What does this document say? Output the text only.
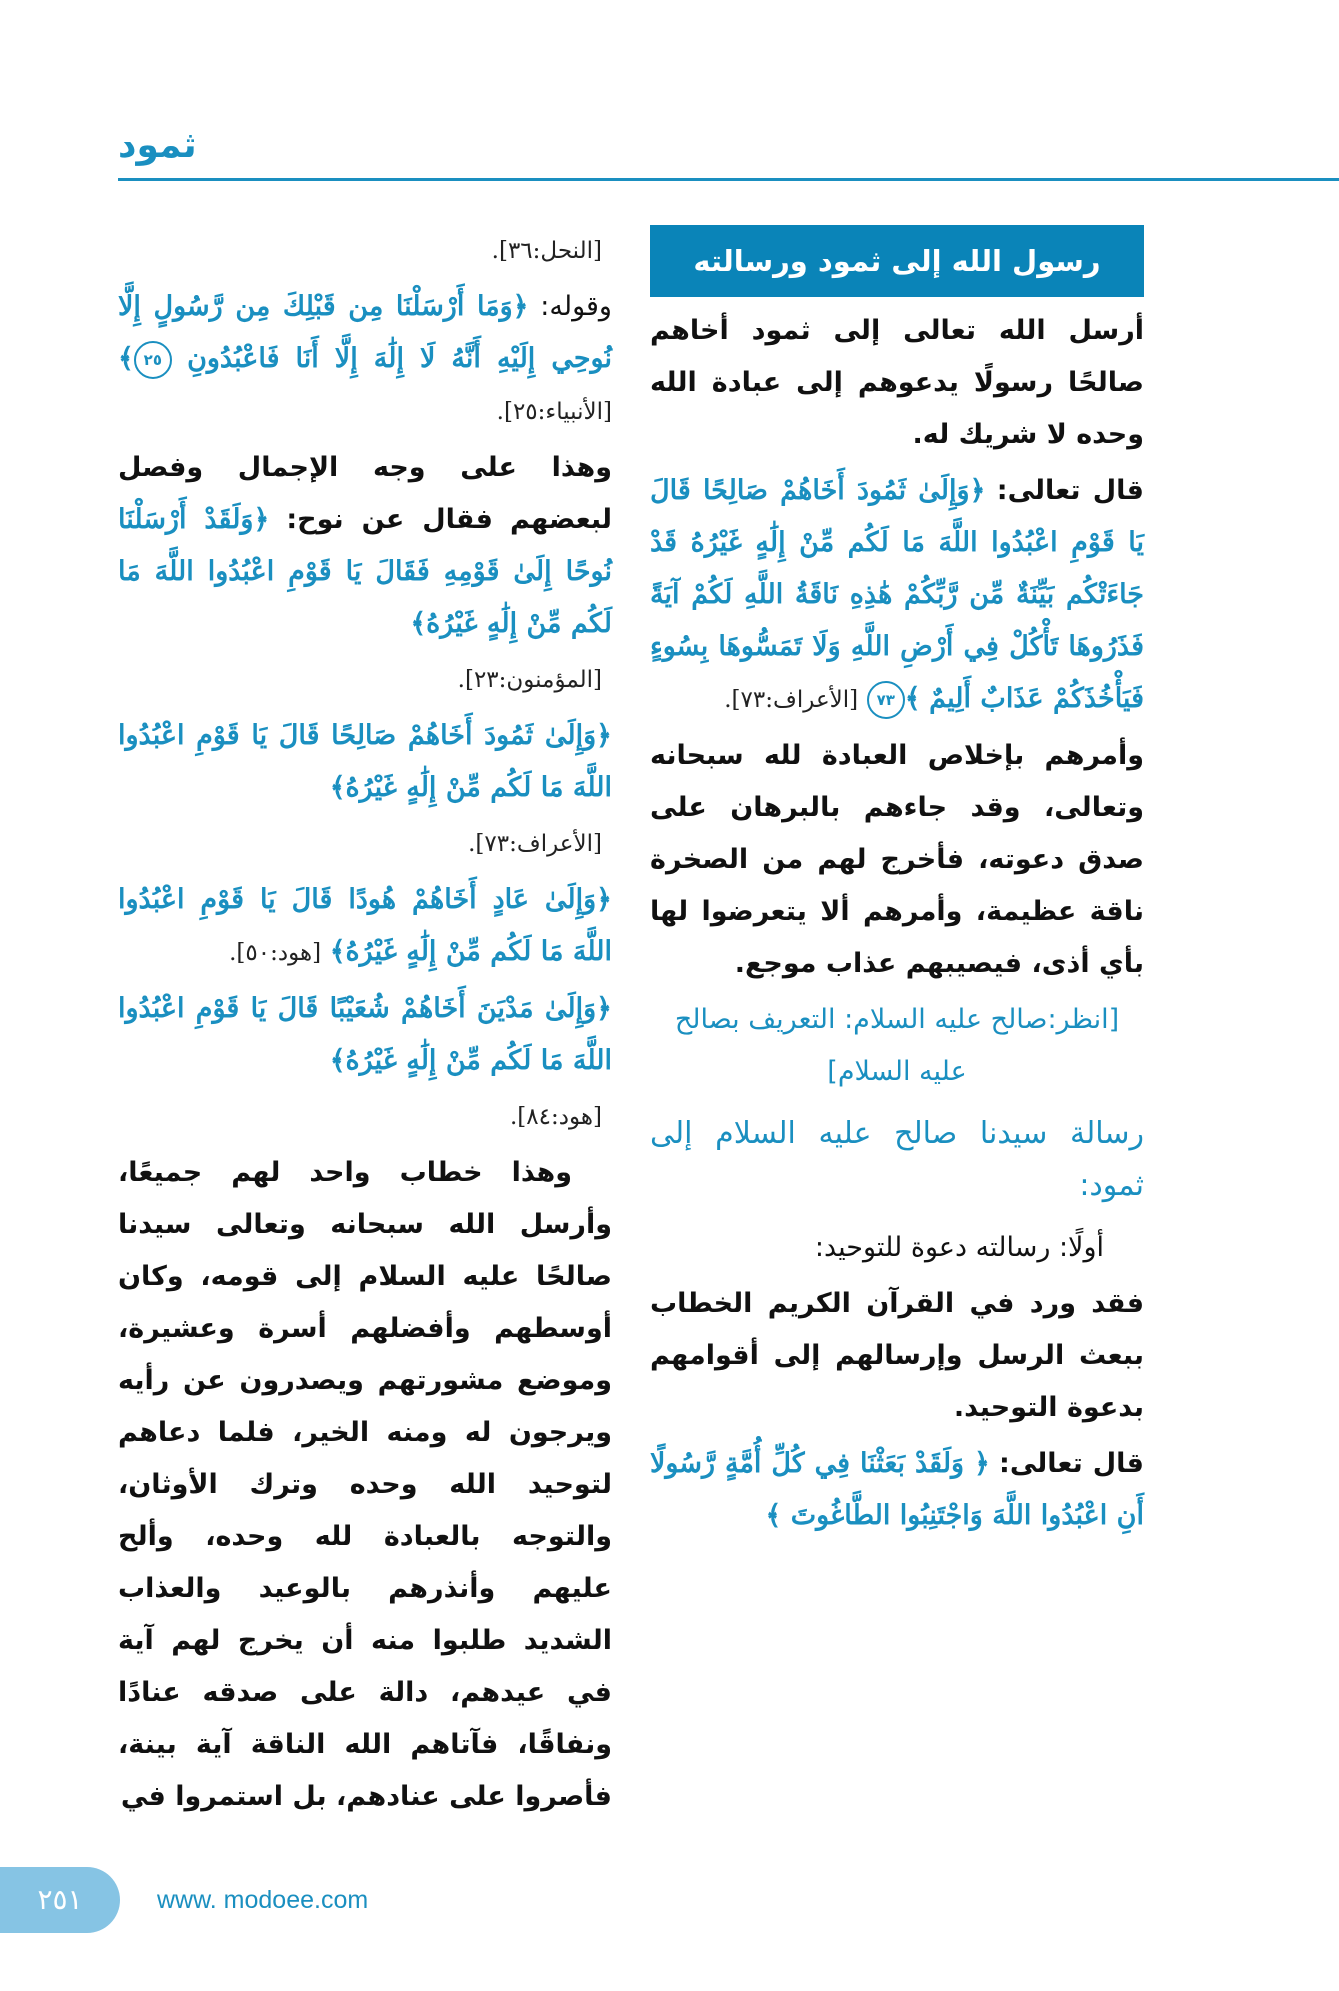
ثمود
رسول الله إلى ثمود ورسالته
أرسل الله تعالى إلى ثمود أخاهم صالحًا رسولًا يدعوهم إلى عبادة الله وحده لا شريك له.
قال تعالى: ﴿وَإِلَىٰ ثَمُودَ أَخَاهُمْ صَالِحًا قَالَ يَا قَوْمِ اعْبُدُوا اللَّهَ مَا لَكُم مِّنْ إِلَٰهٍ غَيْرُهُ قَدْ جَاءَتْكُم بَيِّنَةٌ مِّن رَّبِّكُمْ هَٰذِهِ نَاقَةُ اللَّهِ لَكُمْ آيَةً فَذَرُوهَا تَأْكُلْ فِي أَرْضِ اللَّهِ وَلَا تَمَسُّوهَا بِسُوءٍ فَيَأْخُذَكُمْ عَذَابٌ أَلِيمٌ ﴾٧٣ [الأعراف:٧٣].
وأمرهم بإخلاص العبادة لله سبحانه وتعالى، وقد جاءهم بالبرهان على صدق دعوته، فأخرج لهم من الصخرة ناقة عظيمة، وأمرهم ألا يتعرضوا لها بأي أذى، فيصيبهم عذاب موجع.
[انظر:صالح عليه السلام: التعريف بصالح عليه السلام]
رسالة سيدنا صالح عليه السلام إلى ثمود:
أولًا: رسالته دعوة للتوحيد:
فقد ورد في القرآن الكريم الخطاب ببعث الرسل وإرسالهم إلى أقوامهم بدعوة التوحيد.
قال تعالى: ﴿ وَلَقَدْ بَعَثْنَا فِي كُلِّ أُمَّةٍ رَّسُولًا أَنِ اعْبُدُوا اللَّهَ وَاجْتَنِبُوا الطَّاغُوتَ ﴾
[النحل:٣٦].
وقوله: ﴿وَمَا أَرْسَلْنَا مِن قَبْلِكَ مِن رَّسُولٍ إِلَّا نُوحِي إِلَيْهِ أَنَّهُ لَا إِلَٰهَ إِلَّا أَنَا فَاعْبُدُونِ ٢٥﴾ [الأنبياء:٢٥].
وهذا على وجه الإجمال وفصل لبعضهم فقال عن نوح: ﴿وَلَقَدْ أَرْسَلْنَا نُوحًا إِلَىٰ قَوْمِهِ فَقَالَ يَا قَوْمِ اعْبُدُوا اللَّهَ مَا لَكُم مِّنْ إِلَٰهٍ غَيْرُهُ﴾
[المؤمنون:٢٣].
﴿وَإِلَىٰ ثَمُودَ أَخَاهُمْ صَالِحًا قَالَ يَا قَوْمِ اعْبُدُوا اللَّهَ مَا لَكُم مِّنْ إِلَٰهٍ غَيْرُهُ﴾
[الأعراف:٧٣].
﴿وَإِلَىٰ عَادٍ أَخَاهُمْ هُودًا قَالَ يَا قَوْمِ اعْبُدُوا اللَّهَ مَا لَكُم مِّنْ إِلَٰهٍ غَيْرُهُ﴾ [هود:٥٠].
﴿وَإِلَىٰ مَدْيَنَ أَخَاهُمْ شُعَيْبًا قَالَ يَا قَوْمِ اعْبُدُوا اللَّهَ مَا لَكُم مِّنْ إِلَٰهٍ غَيْرُهُ﴾
[هود:٨٤].
وهذا خطاب واحد لهم جميعًا، وأرسل الله سبحانه وتعالى سيدنا صالحًا عليه السلام إلى قومه، وكان أوسطهم وأفضلهم أسرة وعشيرة، وموضع مشورتهم ويصدرون عن رأيه ويرجون له ومنه الخير، فلما دعاهم لتوحيد الله وحده وترك الأوثان، والتوجه بالعبادة لله وحده، وألح عليهم وأنذرهم بالوعيد والعذاب الشديد طلبوا منه أن يخرج لهم آية في عيدهم، دالة على صدقه عنادًا ونفاقًا، فآتاهم الله الناقة آية بينة، فأصروا على عنادهم، بل استمروا في
٢٥١	www. modoee.com
